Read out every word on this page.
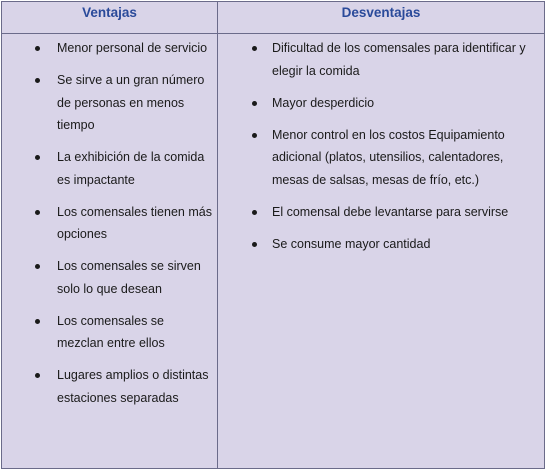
Ventajas	Desventajas
Menor personal de servicio
Se sirve a un gran número de personas en menos tiempo
La exhibición de la comida es impactante
Los comensales tienen más opciones
Los comensales se sirven solo lo que desean
Los comensales se mezclan entre ellos
Lugares amplios o distintas estaciones separadas
Dificultad de los comensales para identificar y elegir la comida
Mayor desperdicio
Menor control en los costos Equipamiento adicional (platos, utensilios, calentadores, mesas de salsas, mesas de frío, etc.)
El comensal debe levantarse para servirse
Se consume mayor cantidad
